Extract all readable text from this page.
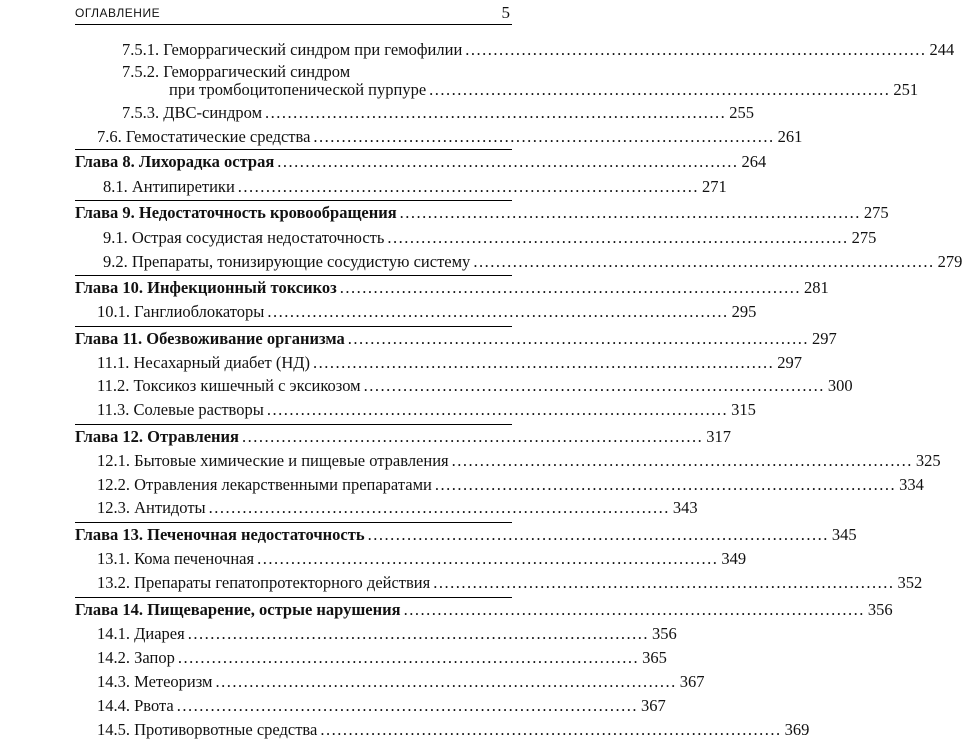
ОГЛАВЛЕНИЕ	5
7.5.1. Геморрагический синдром при гемофилии .................................................................................. 244
7.5.2. Геморрагический синдром
при тромбоцитопенической пурпуре .................................................................................. 251
7.5.3. ДВС-синдром .................................................................................. 255
7.6. Гемостатические средства .................................................................................. 261
Глава 8. Лихорадка острая .................................................................................. 264
8.1. Антипиретики .................................................................................. 271
Глава 9. Недостаточность кровообращения .................................................................................. 275
9.1. Острая сосудистая недостаточность .................................................................................. 275
9.2. Препараты, тонизирующие сосудистую систему .................................................................................. 279
Глава 10. Инфекционный токсикоз .................................................................................. 281
10.1. Ганглиоблокаторы .................................................................................. 295
Глава 11. Обезвоживание организма .................................................................................. 297
11.1. Несахарный диабет (НД) .................................................................................. 297
11.2. Токсикоз кишечный с эксикозом .................................................................................. 300
11.3. Солевые растворы .................................................................................. 315
Глава 12. Отравления .................................................................................. 317
12.1. Бытовые химические и пищевые отравления .................................................................................. 325
12.2. Отравления лекарственными препаратами .................................................................................. 334
12.3. Антидоты .................................................................................. 343
Глава 13. Печеночная недостаточность .................................................................................. 345
13.1. Кома печеночная .................................................................................. 349
13.2. Препараты гепатопротекторного действия .................................................................................. 352
Глава 14. Пищеварение, острые нарушения .................................................................................. 356
14.1. Диарея .................................................................................. 356
14.2. Запор .................................................................................. 365
14.3. Метеоризм .................................................................................. 367
14.4. Рвота .................................................................................. 367
14.5. Противорвотные средства .................................................................................. 369
